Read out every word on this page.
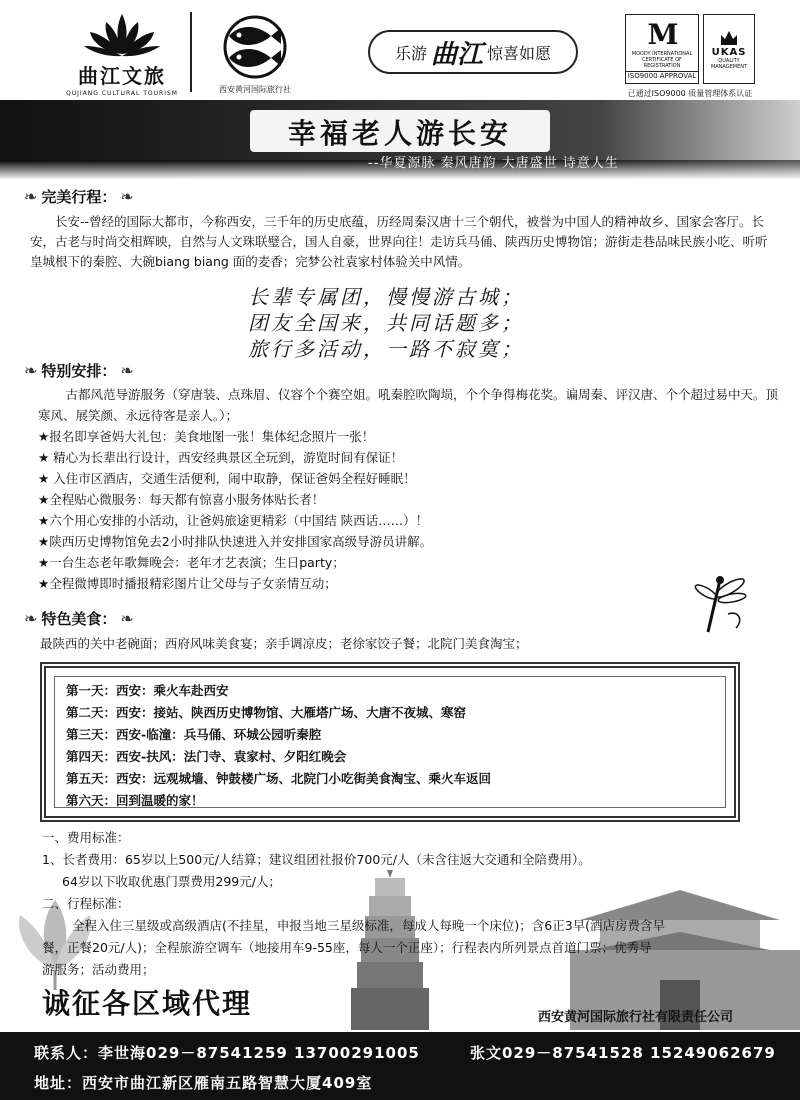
曲江文旅
QUJIANG CULTURAL TOURISM	西安黄河国际旅行社
乐游 曲江 惊喜如愿
M
MOODY INTERNATIONAL
CERTIFICATE OF REGISTRATION
ISO9000 APPROVAL
UKAS
QUALITY MANAGEMENT
已通过ISO9000 质量管理体系认证
幸福老人游长安
--华夏源脉 秦风唐韵 大唐盛世 诗意人生
❧ 完美行程： ❧
长安--曾经的国际大都市，今称西安，三千年的历史底蕴，历经周秦汉唐十三个朝代，被誉为中国人的精神故乡、国家会客厅。长安，古老与时尚交相辉映，自然与人文珠联璧合，国人自豪，世界向往！走访兵马俑、陕西历史博物馆；游街走巷品味民族小吃、听听皇城根下的秦腔、大碗biang biang 面的麦香；完梦公社袁家村体验关中风情。
长辈专属团，慢慢游古城；
团友全国来，共同话题多；
旅行多活动，一路不寂寞；
❧ 特别安排： ❧
古都风范导游服务（穿唐装、点珠眉、仪容个个赛空姐。吼秦腔吹陶埙，个个争得梅花奖。谝周秦、评汉唐、个个超过易中天。顶寒风、展笑颜、永远待客是亲人。）；
★报名即享爸妈大礼包：美食地图一张！集体纪念照片一张！
★ 精心为长辈出行设计，西安经典景区全玩到，游览时间有保证！
★ 入住市区酒店，交通生活便利，闹中取静，保证爸妈全程好睡眠！
★全程贴心微服务：每天都有惊喜小服务体贴长者！
★六个用心安排的小活动，让爸妈旅途更精彩（中国结 陕西话……）！
★陕西历史博物馆免去2小时排队快速进入并安排国家高级导游员讲解。
★一台生态老年歌舞晚会：老年才艺表演；生日party；
★全程微博即时播报精彩图片让父母与子女亲情互动；
❧ 特色美食： ❧
最陕西的关中老碗面；西府风味美食宴；亲手调凉皮；老徐家饺子餐；北院门美食淘宝；
第一天：西安：乘火车赴西安
第二天：西安：接站、陕西历史博物馆、大雁塔广场、大唐不夜城、寒窑
第三天：西安-临潼：兵马俑、环城公园听秦腔
第四天：西安-扶风：法门寺、袁家村、夕阳红晚会
第五天：西安：远观城墙、钟鼓楼广场、北院门小吃街美食淘宝、乘火车返回
第六天：回到温暖的家！
一、费用标准：
1、长者费用：65岁以上500元/人结算；建议组团社报价700元/人（未含往返大交通和全陪费用）。
64岁以下收取优惠门票费用299元/人；
二、行程标准：
全程入住三星级或高级酒店(不挂星，申报当地三星级标准，每成人每晚一个床位)；含6正3早(酒店房费含早
餐，正餐20元/人)；全程旅游空调车（地接用车9-55座，每人一个正座）；行程表内所列景点首道门票；优秀导
游服务；活动费用；
诚征各区域代理	西安黄河国际旅行社有限责任公司
联系人：李世海029－87541259 13700291005	张文029－87541528 15249062679
地址：西安市曲江新区雁南五路智慧大厦409室
